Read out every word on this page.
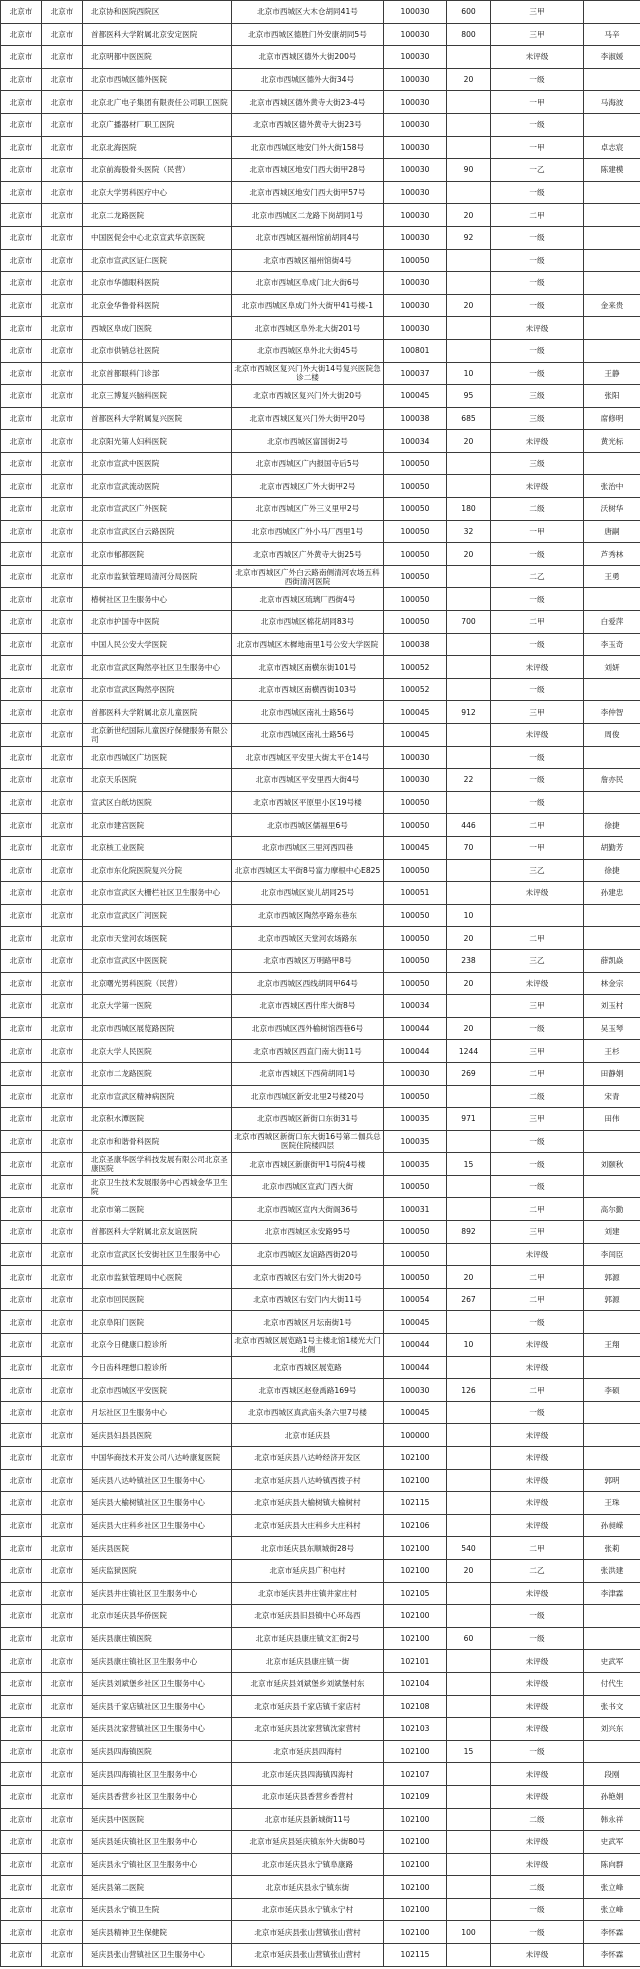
北京市	北京市	北京协和医院西院区	北京市西城区大木仓胡同41号	100030	600	三甲	
北京市	北京市	首都医科大学附属北京安定医院	北京市西城区德胜门外安康胡同5号	100030	800	三甲	马辛
北京市	北京市	北京明都中医医院	北京市西城区德外大街200号	100030		未评级	李淑媛
北京市	北京市	北京市西城区德外医院	北京市西城区德外大街34号	100030	20	一级	
北京市	北京市	北京北广电子集团有限责任公司职工医院	北京市西城区德外黄寺大街23-4号	100030		一甲	马海波
北京市	北京市	北京广播器材厂职工医院	北京市西城区德外黄寺大街23号	100030		一级	
北京市	北京市	北京北海医院	北京市西城区地安门外大街158号	100030		一甲	卓志宸
北京市	北京市	北京前海股骨头医院（民营）	北京市西城区地安门西大街甲28号	100030	90	一乙	陈建模
北京市	北京市	北京大学男科医疗中心	北京市西城区地安门西大街甲57号	100030		一级	
北京市	北京市	北京二龙路医院	北京市西城区二龙路下岗胡同1号	100030	20	二甲	
北京市	北京市	中国医促会中心北京宣武华京医院	北京市西城区福州馆前胡同4号	100030	92	一级	
北京市	北京市	北京市宣武区证仁医院	北京市西城区福州馆街4号	100050		一级	
北京市	北京市	北京市华德眼科医院	北京市西城区阜成门北大街6号	100030		一级	
北京市	北京市	北京金华鲁骨科医院	北京市西城区阜成门外大街甲41号楼-1	100030	20	一级	金来贵
北京市	北京市	西城区阜成门医院	北京市西城区阜外北大街201号	100030		未评级	
北京市	北京市	北京市供销总社医院	北京市西城区阜外北大街45号	100801		一级	
北京市	北京市	北京首都眼科门诊部	北京市西城区复兴门外大街14号复兴医院急诊二楼	100037	10	一级	王静
北京市	北京市	北京三博复兴脑科医院	北京市西城区复兴门外大街20号	100045	95	三级	张阳
北京市	北京市	首都医科大学附属复兴医院	北京市西城区复兴门外大街甲20号	100038	685	三级	席修明
北京市	北京市	北京阳光第人妇科医院	北京市西城区富国街2号	100034	20	未评级	黄光标
北京市	北京市	北京市宣武中医医院	北京市西城区广内报国寺后5号	100050		三级	
北京市	北京市	北京市宣武流动医院	北京市西城区广外大街甲2号	100050		未评级	张治中
北京市	北京市	北京市宣武区广外医院	北京市西城区广外三义里甲2号	100050	180	二级	沃树华
北京市	北京市	北京市宣武区白云路医院	北京市西城区广外小马厂西里1号	100050	32	一甲	唐嗣
北京市	北京市	北京市郁都医院	北京市西城区广外黄寺大街25号	100050	20	一级	芦秀林
北京市	北京市	北京市监狱管理局清河分局医院	北京市西城区广外白云路南侧清河农场五科西街清河医院	100050		二乙	王勇
北京市	北京市	椿树社区卫生服务中心	北京市西城区琉璃厂西街4号	100050		一级	
北京市	北京市	北京市护国寺中医院	北京市西城区棉花胡同83号	100050	700	二甲	白爱萍
北京市	北京市	中国人民公安大学医院	北京市西城区木樨地南里1号公安大学医院	100038		一级	李玉奇
北京市	北京市	北京市宣武区陶然亭社区卫生服务中心	北京市西城区南横东街101号	100052		未评级	刘妍
北京市	北京市	北京市宣武区陶然亭医院	北京市西城区南横西街103号	100052		一级	
北京市	北京市	首都医科大学附属北京儿童医院	北京市西城区南礼士路56号	100045	912	三甲	李仲智
北京市	北京市	北京新世纪国际儿童医疗保健服务有限公司	北京市西城区南礼士路56号	100045		未评级	周俊
北京市	北京市	北京市西城区广坊医院	北京市西城区平安里大街太平仓14号	100030		一级	
北京市	北京市	北京天乐医院	北京市西城区平安里西大街4号	100030	22	一级	詹亦民
北京市	北京市	宣武区白纸坊医院	北京市西城区平原里小区19号楼	100050		一级	
北京市	北京市	北京市建宫医院	北京市西城区儒福里6号	100050	446	二甲	徐捷
北京市	北京市	北京核工业医院	北京市西城区三里河西四巷	100045	70	一甲	胡勤芳
北京市	北京市	北京市东化院医院复兴分院	北京市西城区太平街8号富力摩根中心E825	100050		三乙	徐捷
北京市	北京市	北京市宣武区大栅栏社区卫生服务中心	北京市西城区炭儿胡同25号	100051		未评级	孙建忠
北京市	北京市	北京市宣武区广河医院	北京市西城区陶然亭路东巷东	100050	10		
北京市	北京市	北京市天堂河农场医院	北京市西城区天堂河农场路东	100050	20	二甲	
北京市	北京市	北京市宣武区中医医院	北京市西城区万明路甲8号	100050	238	三乙	薛凯焱
北京市	北京市	北京曙光男科医院（民营）	北京市西城区西线胡同甲64号	100050	20	未评级	林金宗
北京市	北京市	北京大学第一医院	北京市西城区西什库大街8号	100034		三甲	刘玉村
北京市	北京市	北京市西城区展览路医院	北京市西城区西外榆树馆西巷6号	100044	20	一级	吴玉琴
北京市	北京市	北京大学人民医院	北京市西城区西直门南大街11号	100044	1244	三甲	王杉
北京市	北京市	北京市二龙路医院	北京市西城区下西荷胡同1号	100030	269	二甲	田静娟
北京市	北京市	北京市宣武区精神病医院	北京市西城区新安北里2号楼20号	100050		二级	宋青
北京市	北京市	北京积水潭医院	北京市西城区新街口东街31号	100035	971	三甲	田伟
北京市	北京市	北京市和谐骨科医院	北京市西城区新街口东大街16号第二伽兵总医院住院楼四层	100035		一级	
北京市	北京市	北京圣康华医学科技发展有限公司北京圣康医院	北京市西城区新康街甲1号院4号楼	100035	15	一级	刘颐秋
北京市	北京市	北京卫生技术发展服务中心西城金华卫生院	北京市西城区宣武门西大街	100050		一级	
北京市	北京市	北京市第二医院	北京市西城区宣内大街阁36号	100031		二甲	高尔勤
北京市	北京市	首都医科大学附属北京友谊医院	北京市西城区永安路95号	100050	892	三甲	刘建
北京市	北京市	北京市宣武区长安街社区卫生服务中心	北京市西城区友谊路西街20号	100050		未评级	李闰臣
北京市	北京市	北京市监狱管理局中心医院	北京市西城区右安门外大街20号	100050	20	二甲	郭源
北京市	北京市	北京市回民医院	北京市西城区右安门内大街11号	100054	267	二甲	郭源
北京市	北京市	北京阜阳门医院	北京市西城区月坛南街1号	100045		一级	
北京市	北京市	北京今日健康口腔诊所	北京市西城区展览路1号主楼北馆1楼光大门北侧	100044	10	未评级	王翔
北京市	北京市	今日齿科理想口腔诊所	北京市西城区展览路	100044		未评级	
北京市	北京市	北京市西城区平安医院	北京市西城区赵登禹路169号	100030	126	二甲	李硕
北京市	北京市	月坛社区卫生服务中心	北京市西城区真武庙头条六里7号楼	100045		一级	
北京市	北京市	延庆县妇县县医院	北京市延庆县	100000		未评级	
北京市	北京市	中国华商技术开发公司八达岭康复医院	北京市延庆县八达岭经济开发区	102100		未评级	
北京市	北京市	延庆县八达岭镇社区卫生服务中心	北京市延庆县八达岭镇西拨子村	102100		未评级	郭明
北京市	北京市	延庆县大榆树镇社区卫生服务中心	北京市延庆县大榆树镇大榆树村	102115		未评级	王珠
北京市	北京市	延庆县大庄科乡社区卫生服务中心	北京市延庆县大庄科乡大庄科村	102106		未评级	孙昶嵘
北京市	北京市	延庆县医院	北京市延庆县东顺城街28号	102100	540	二甲	张莉
北京市	北京市	延庆监狱医院	北京市延庆县广积屯村	102100	20	二乙	张洪建
北京市	北京市	延庆县井庄镇社区卫生服务中心	北京市延庆县井庄镇井家庄村	102105		未评级	李津霖
北京市	北京市	北京市延庆县华侨医院	北京市延庆县旧县镇中心环岛西	102100		一级	
北京市	北京市	延庆县康庄镇医院	北京市延庆县康庄镇文汇街2号	102100	60	一级	
北京市	北京市	延庆县康庄镇社区卫生服务中心	北京市延庆县康庄镇一街	102101		未评级	史武军
北京市	北京市	延庆县刘斌堡乡社区卫生服务中心	北京市延庆县刘斌堡乡刘斌堡村东	102104		未评级	付代生
北京市	北京市	延庆县千家店镇社区卫生服务中心	北京市延庆县千家店镇千家店村	102108		未评级	张书文
北京市	北京市	延庆县沈家营镇社区卫生服务中心	北京市延庆县沈家营镇沈家营村	102103		未评级	刘兴东
北京市	北京市	延庆县四海镇医院	北京市延庆县四海村	102100	15	一级	
北京市	北京市	延庆县四海镇社区卫生服务中心	北京市延庆县四海镇四海村	102107		未评级	段刚
北京市	北京市	延庆县香营乡社区卫生服务中心	北京市延庆县香营乡香营村	102109		未评级	孙艳娟
北京市	北京市	延庆县中医医院	北京市延庆县新城街11号	102100		二级	韩永祥
北京市	北京市	延庆县延庆镇社区卫生服务中心	北京市延庆县延庆镇东外大街80号	102100		未评级	史武军
北京市	北京市	延庆县永宁镇社区卫生服务中心	北京市延庆县永宁镇阜康路	102100		未评级	陈向群
北京市	北京市	延庆县第二医院	北京市延庆县永宁镇东街	102100		二级	张立峰
北京市	北京市	延庆县永宁镇卫生院	北京市延庆县永宁镇永宁村	102100		一级	张立峰
北京市	北京市	延庆县精神卫生保健院	北京市延庆县张山营镇张山营村	102100	100	一级	李怀霖
北京市	北京市	延庆县张山营镇社区卫生服务中心	北京市延庆县张山营镇张山营村	102115		未评级	李怀霖
